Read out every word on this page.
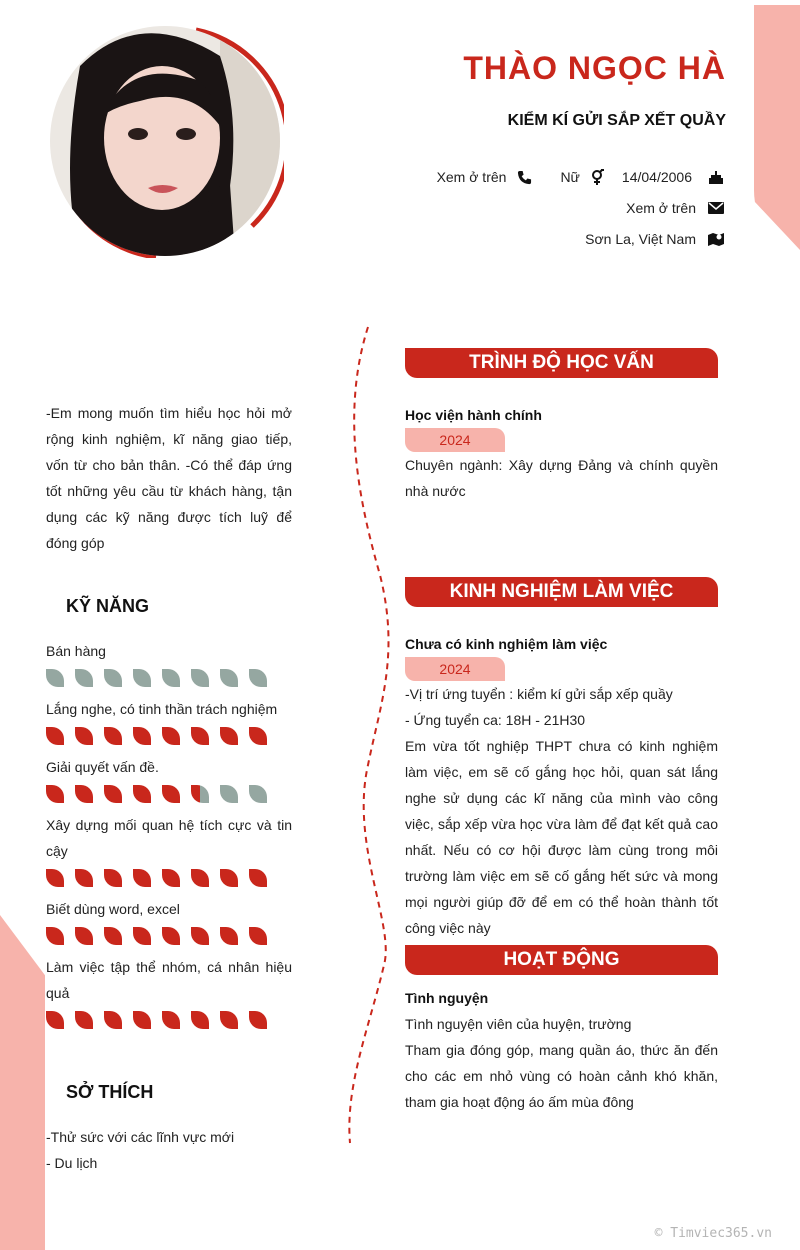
THÀO NGỌC HÀ
KIỂM KÍ GỬI SẮP XẾT QUẦY
Xem ở trên	Nữ	14/04/2006
Xem ở trên
Sơn La, Việt Nam
-Em mong muốn tìm hiểu học hỏi mở rộng kinh nghiệm, kĩ năng giao tiếp, vốn từ cho bản thân. -Có thể đáp ứng tốt những yêu cầu từ khách hàng, tận dụng các kỹ năng được tích luỹ để đóng góp
KỸ NĂNG
Bán hàng
Lắng nghe, có tinh thần trách nghiệm
Giải quyết vấn đề.
Xây dựng mối quan hệ tích cực và tin cậy
Biết dùng word, excel
Làm việc tập thể nhóm, cá nhân hiệu quả
SỞ THÍCH
-Thử sức với các lĩnh vực mới
- Du lịch
TRÌNH ĐỘ HỌC VẤN
Học viện hành chính
2024
Chuyên ngành: Xây dựng Đảng và chính quyền nhà nước
KINH NGHIỆM LÀM VIỆC
Chưa có kinh nghiệm làm việc
2024
-Vị trí ứng tuyển : kiểm kí gửi sắp xếp quầy
- Ứng tuyển ca: 18H - 21H30
Em vừa tốt nghiệp THPT chưa có kinh nghiệm làm việc, em sẽ cố gắng học hỏi, quan sát lắng nghe sử dụng các kĩ năng của mình vào công việc, sắp xếp vừa học vừa làm để đạt kết quả cao nhất. Nếu có cơ hội được làm cùng trong môi trường làm việc em sẽ cố gắng hết sức và mong mọi người giúp đỡ để em có thể hoàn thành tốt công việc này
HOẠT ĐỘNG
Tình nguyện
Tình nguyện viên của huyện, trường
Tham gia đóng góp, mang quần áo, thức ăn đến cho các em nhỏ vùng có hoàn cảnh khó khăn, tham gia hoạt động áo ấm mùa đông
© Timviec365.vn
